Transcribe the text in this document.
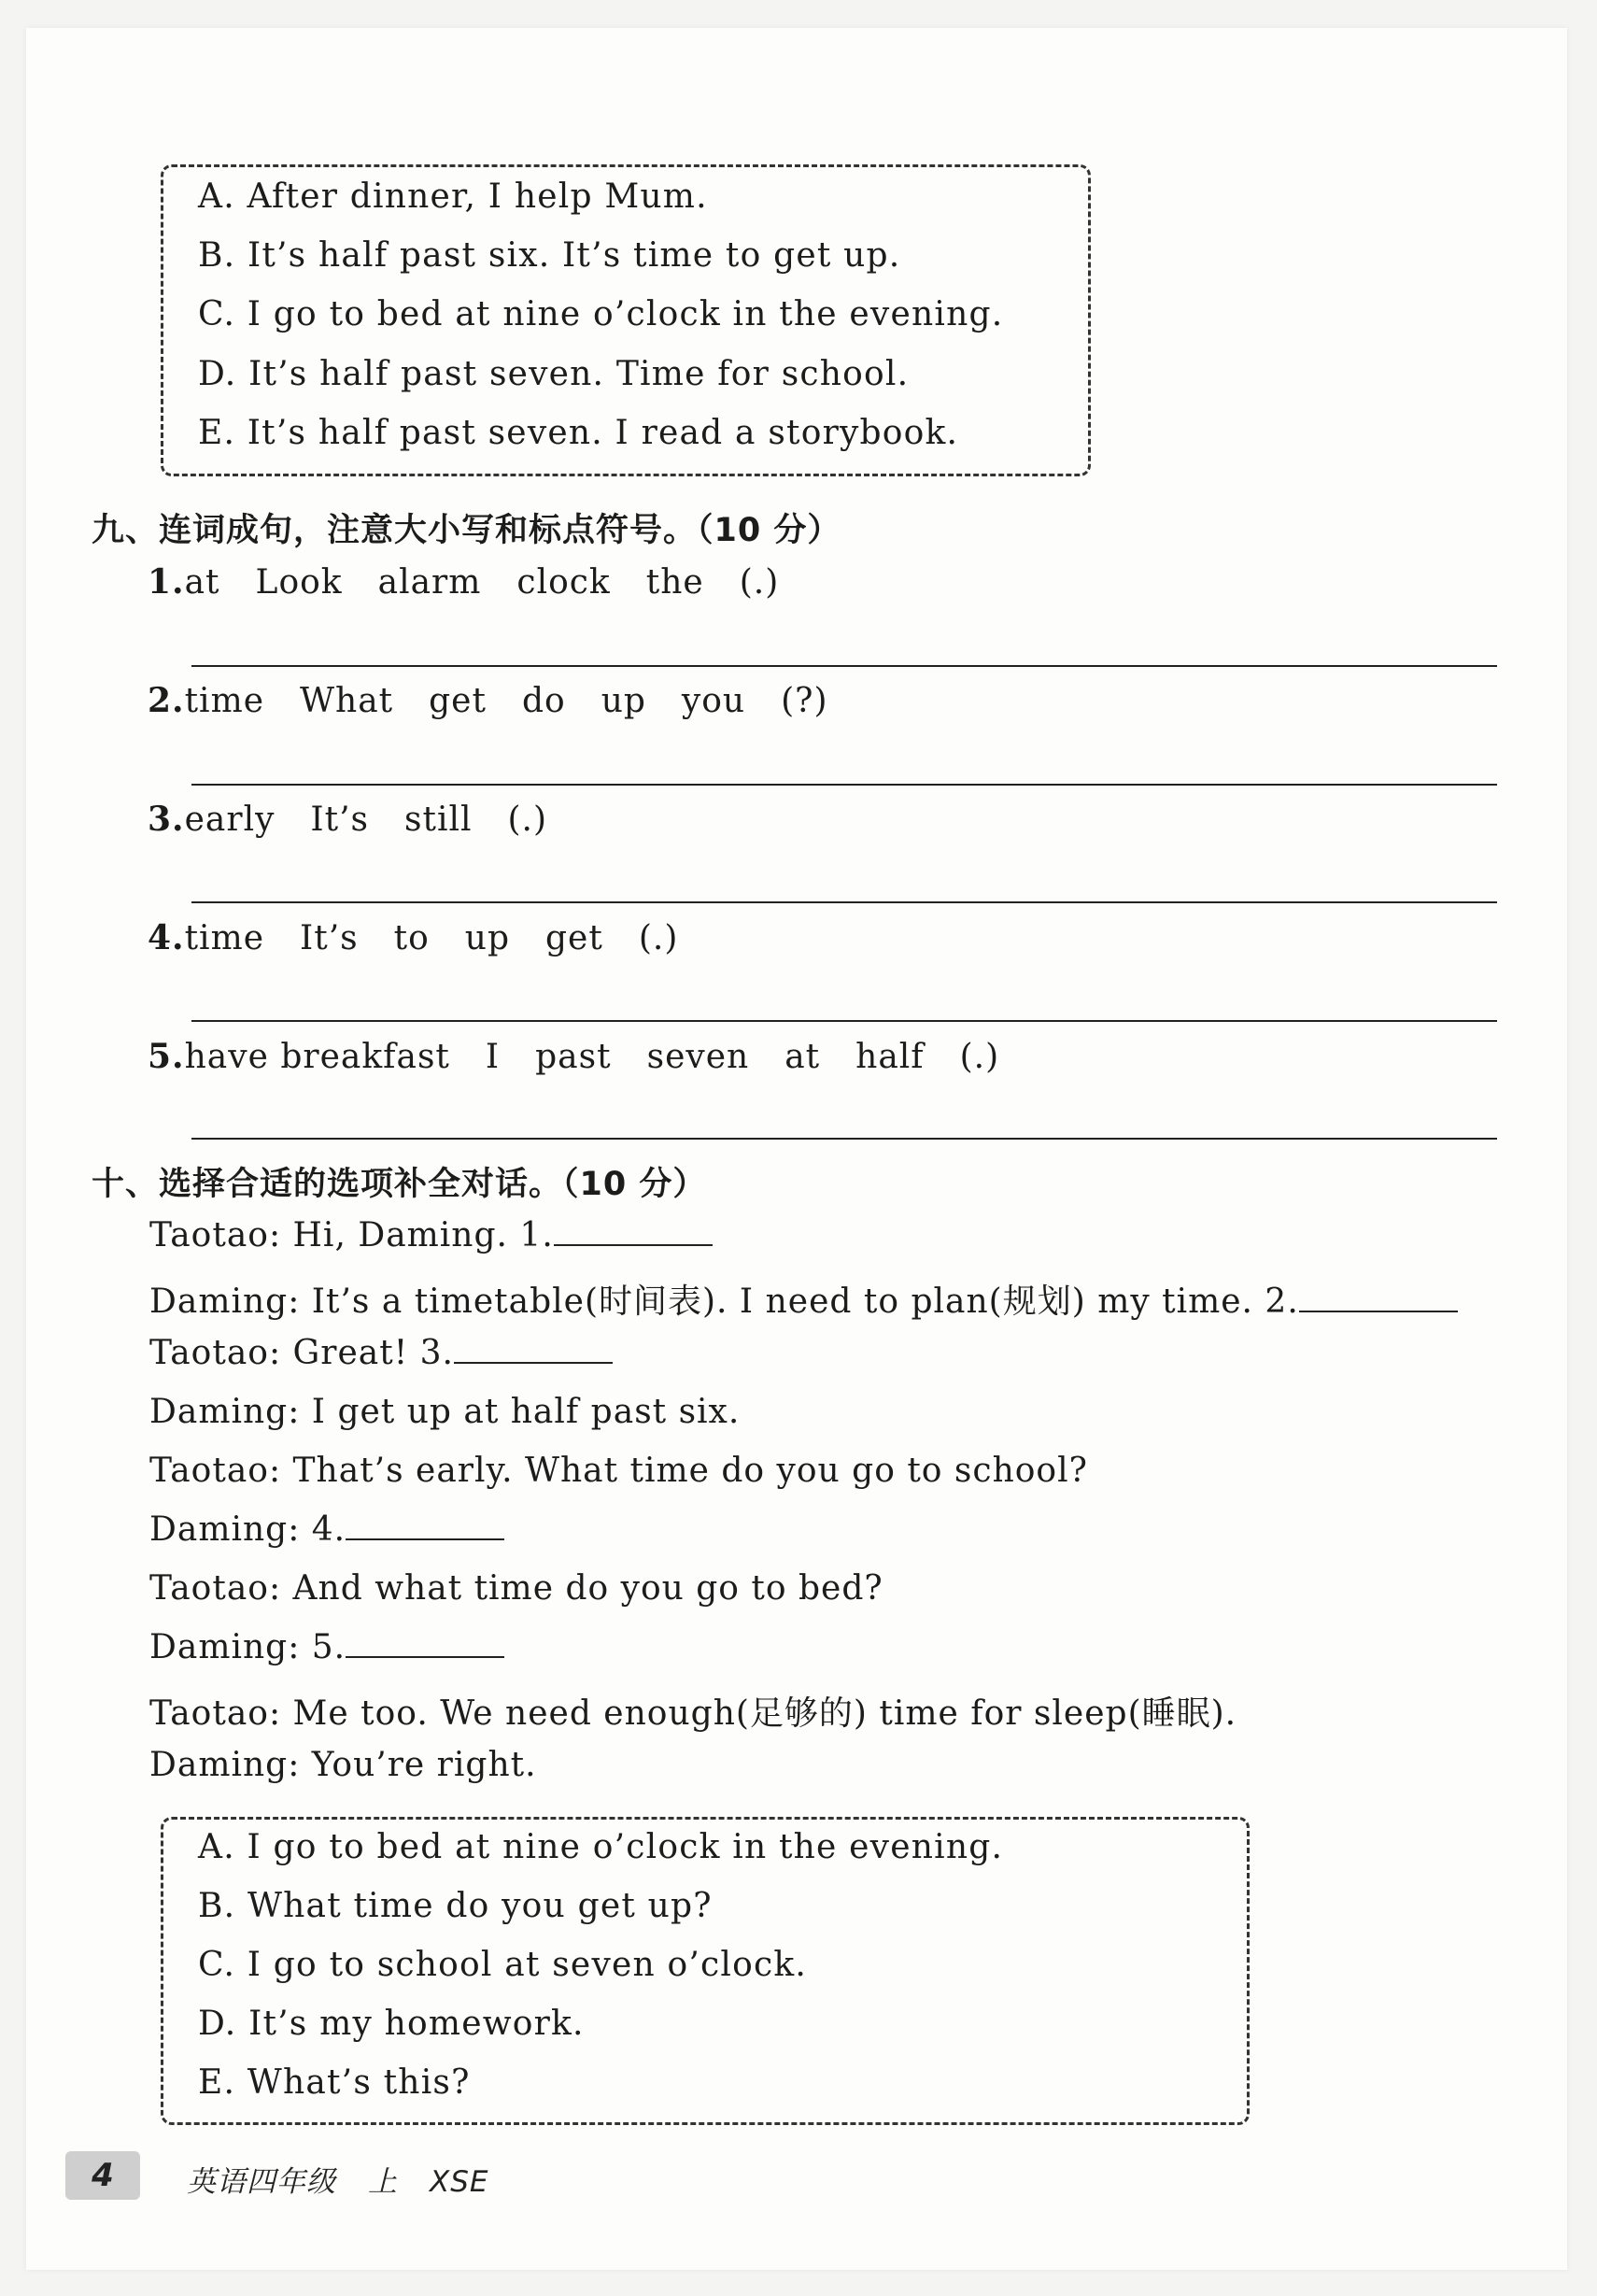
A. After dinner, I help Mum.
B. It’s half past six. It’s time to get up.
C. I go to bed at nine o’clock in the evening.
D. It’s half past seven. Time for school.
E. It’s half past seven. I read a storybook.
九、连词成句，注意大小写和标点符号。（10 分）
1.at Look alarm clock the (.)
2.time What get do up you (?)
3.early It’s still (.)
4.time It’s to up get (.)
5.have breakfast I past seven at half (.)
十、选择合适的选项补全对话。（10 分）
Taotao: Hi, Daming. 1.
Daming: It’s a timetable(时间表). I need to plan(规划) my time. 2.
Taotao: Great! 3.
Daming: I get up at half past six.
Taotao: That’s early. What time do you go to school?
Daming: 4.
Taotao: And what time do you go to bed?
Daming: 5.
Taotao: Me too. We need enough(足够的) time for sleep(睡眠).
Daming: You’re right.
A. I go to bed at nine o’clock in the evening.
B. What time do you get up?
C. I go to school at seven o’clock.
D. It’s my homework.
E. What’s this?
4	英语四年级 上 XSE
